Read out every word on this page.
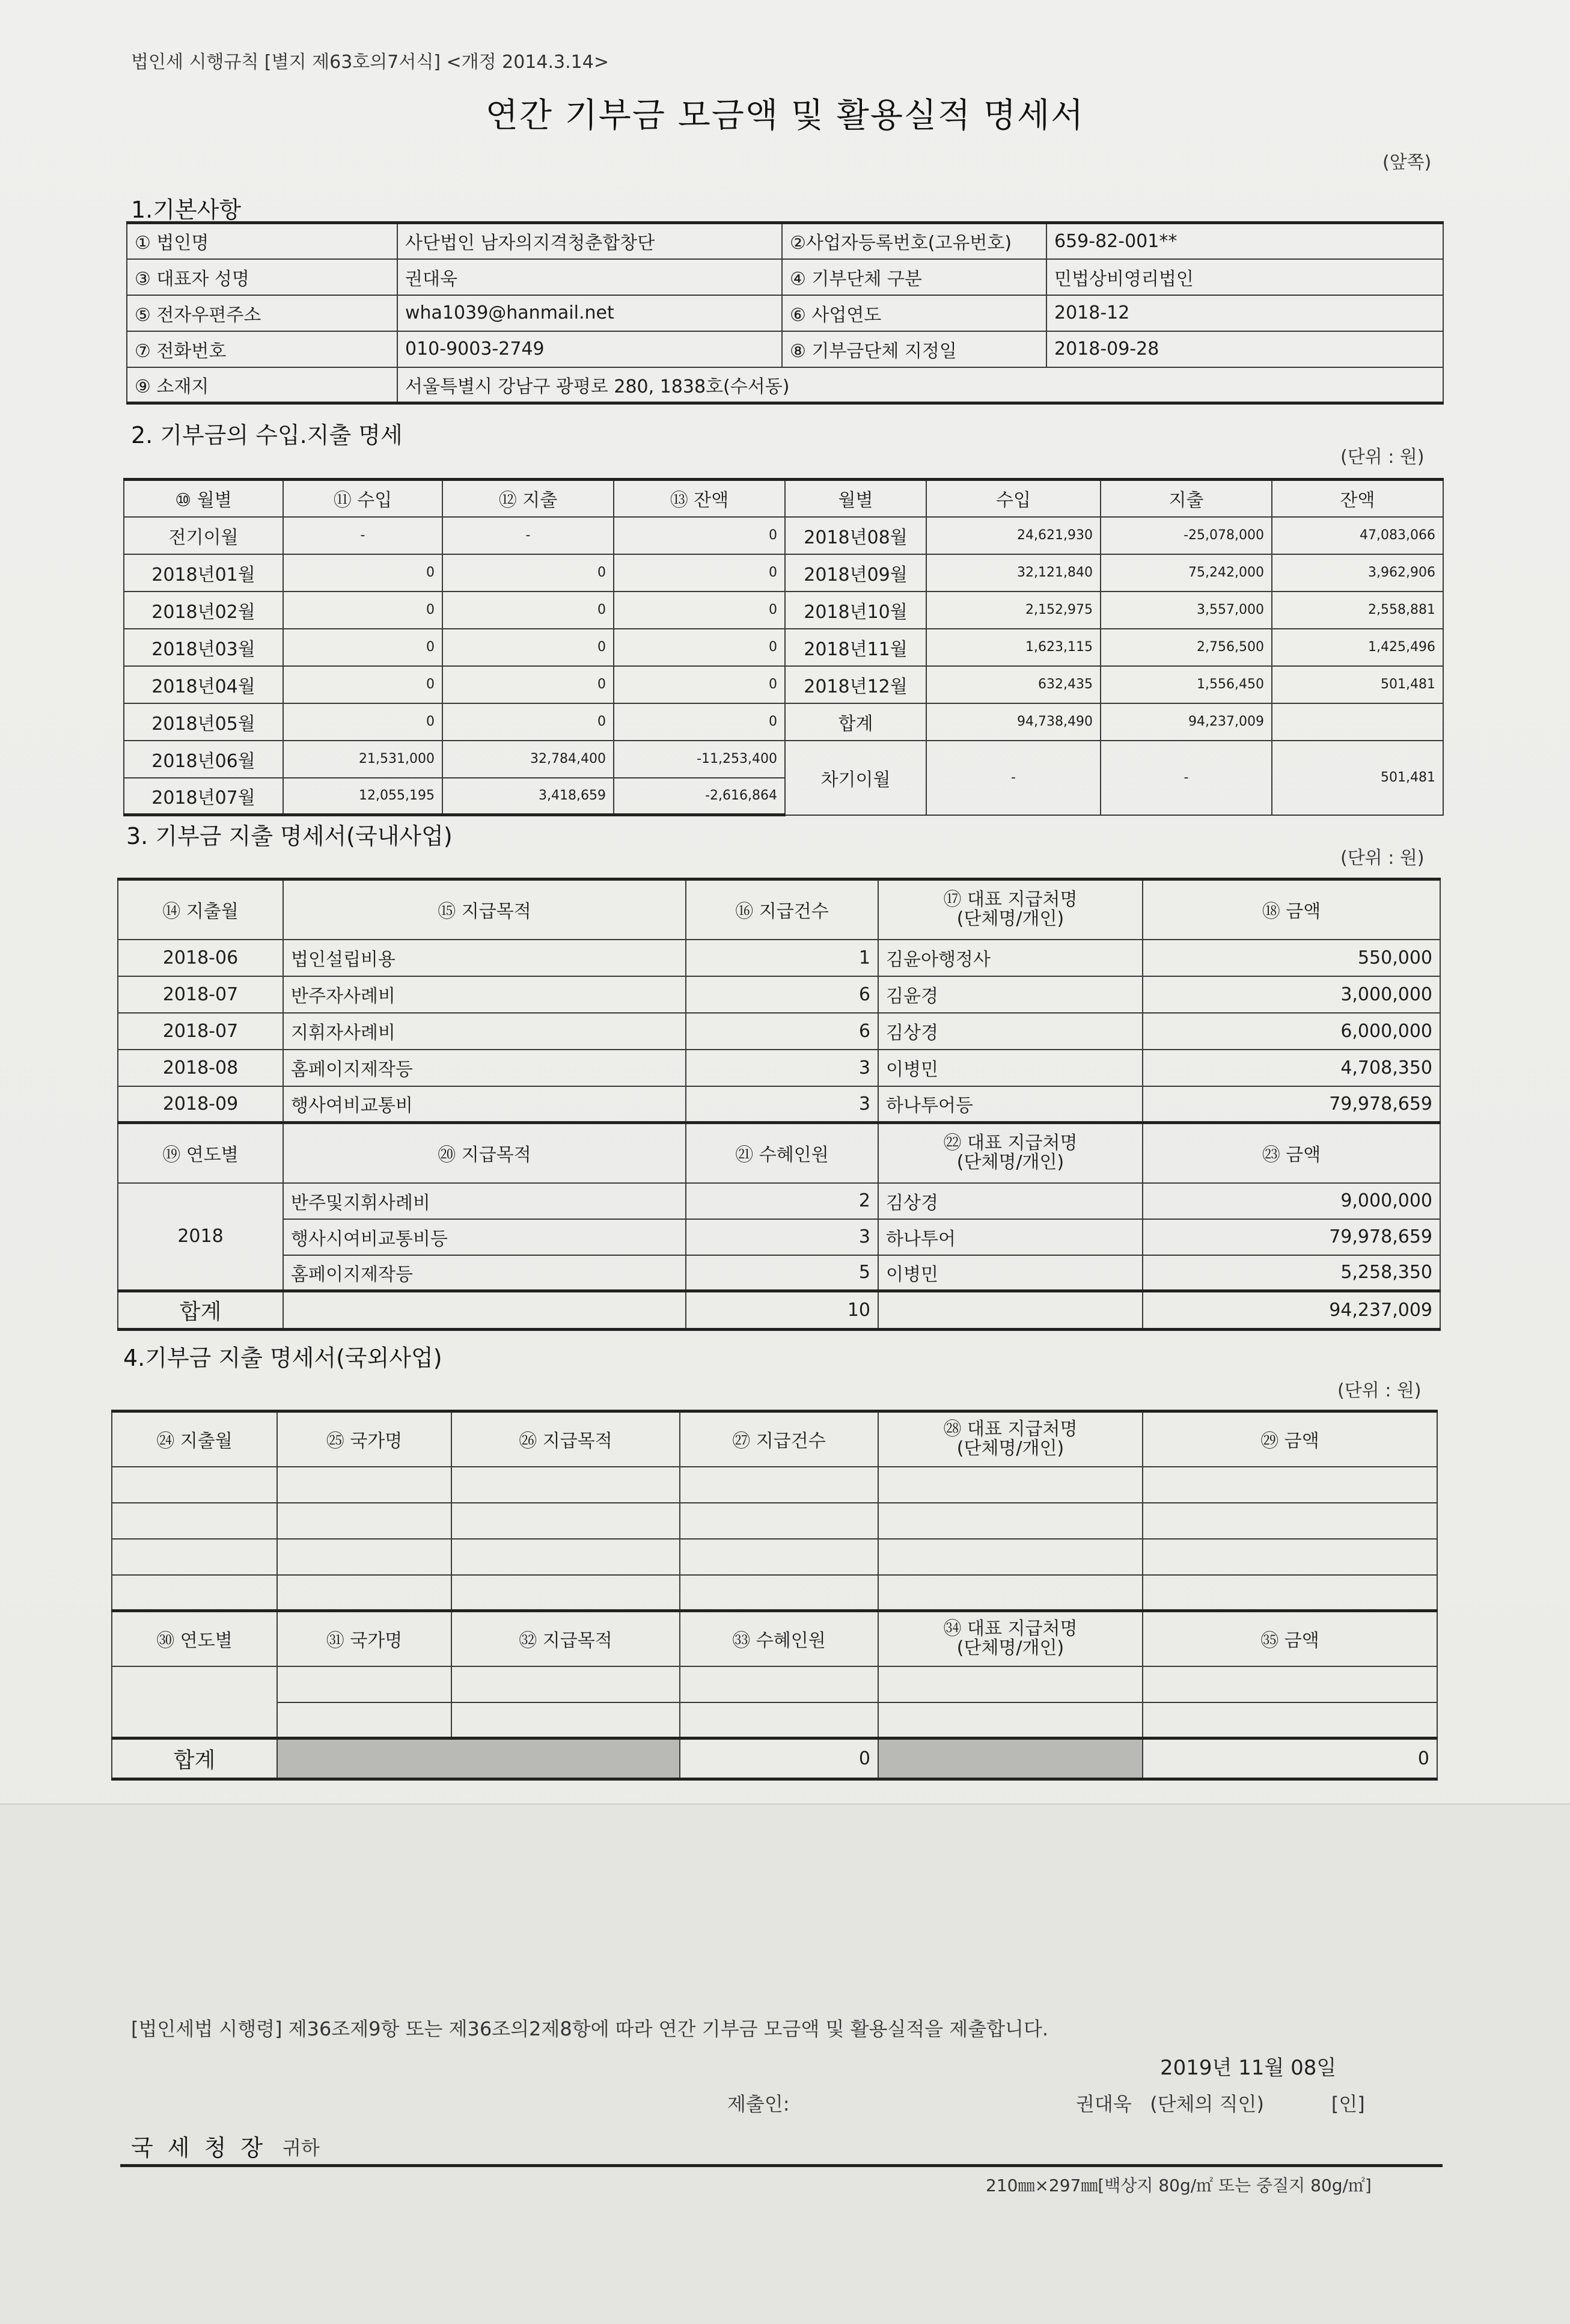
법인세 시행규칙 [별지 제63호의7서식] <개정 2014.3.14>
연간 기부금 모금액 및 활용실적 명세서
(앞쪽)
1.기본사항
① 법인명	사단법인 남자의지격청춘합창단	②사업자등록번호(고유번호)	659-82-001**
③ 대표자 성명	권대욱	④ 기부단체 구분	민법상비영리법인
⑤ 전자우편주소	wha1039@hanmail.net	⑥ 사업연도	2018-12
⑦ 전화번호	010-9003-2749	⑧ 기부금단체 지정일	2018-09-28
⑨ 소재지	서울특별시 강남구 광평로 280, 1838호(수서동)		
2. 기부금의 수입.지출 명세
(단위 : 원)
⑩ 월별	⑪ 수입	⑫ 지출	⑬ 잔액	월별	수입	지출	잔액
전기이월	-	-	0	2018년08월	24,621,930	-25,078,000	47,083,066
2018년01월	0	0	0	2018년09월	32,121,840	75,242,000	3,962,906
2018년02월	0	0	0	2018년10월	2,152,975	3,557,000	2,558,881
2018년03월	0	0	0	2018년11월	1,623,115	2,756,500	1,425,496
2018년04월	0	0	0	2018년12월	632,435	1,556,450	501,481
2018년05월	0	0	0	합계	94,738,490	94,237,009	
2018년06월	21,531,000	32,784,400	-11,253,400	차기이월	-	-	501,481
2018년07월	12,055,195	3,418,659	-2,616,864				
3. 기부금 지출 명세서(국내사업)
(단위 : 원)
⑭ 지출월	⑮ 지급목적	⑯ 지급건수	⑰ 대표 지급처명
(단체명/개인)	⑱ 금액
2018-06	법인설립비용	1	김윤아행정사	550,000
2018-07	반주자사례비	6	김윤경	3,000,000
2018-07	지휘자사례비	6	김상경	6,000,000
2018-08	홈페이지제작등	3	이병민	4,708,350
2018-09	행사여비교통비	3	하나투어등	79,978,659
⑲ 연도별	⑳ 지급목적	㉑ 수혜인원	㉒ 대표 지급처명
(단체명/개인)	㉓ 금액
2018	반주및지휘사례비	2	김상경	9,000,000
	행사시여비교통비등	3	하나투어	79,978,659
	홈페이지제작등	5	이병민	5,258,350
합계		10		94,237,009
4.기부금 지출 명세서(국외사업)
(단위 : 원)
㉔ 지출월	㉕ 국가명	㉖ 지급목적	㉗ 지급건수	㉘ 대표 지급처명
(단체명/개인)	㉙ 금액

㉚ 연도별	㉛ 국가명	㉜ 지급목적	㉝ 수혜인원	㉞ 대표 지급처명
(단체명/개인)	㉟ 금액

합계			0		0
[법인세법 시행령] 제36조제9항 또는 제36조의2제8항에 따라 연간 기부금 모금액 및 활용실적을 제출합니다.
2019년 11월 08일
제출인:	권대욱   (단체의 직인)           [인]
국 세 청 장 귀하
210㎜×297㎜[백상지 80g/㎡ 또는 중질지 80g/㎡]
